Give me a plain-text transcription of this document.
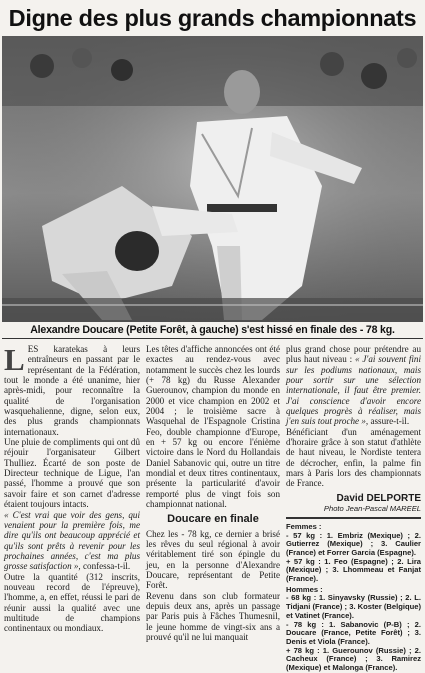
Digne des plus grands championnats
Alexandre Doucare (Petite Forêt, à gauche) s'est hissé en finale des - 78 kg.

LES karatekas à leurs entraîneurs en passant par le représentant de la Fédération, tout le monde a été unanime, hier après-midi, pour reconnaître la qualité de l'organisation wasquehalienne, digne, selon eux, des plus grands championnats internationaux.

Une pluie de compliments qui ont dû réjouir l'organisateur Gilbert Thulliez. Écarté de son poste de Directeur technique de Ligue, l'an passé, l'homme a prouvé que son savoir faire et son carnet d'adresse étaient toujours intacts.

« C'est vrai que voir des gens, qui venaient pour la première fois, me dire qu'ils ont beaucoup apprécié et qu'ils sont prêts à revenir pour les prochaines années, c'est ma plus grosse satisfaction », confessa-t-il.

Outre la quantité (312 inscrits, nouveau record de l'épreuve), l'homme, a, en effet, réussi le pari de réunir aussi la qualité avec une multitude de champions continentaux ou mondiaux.

Les têtes d'affiche annoncées ont été exactes au rendez-vous avec notamment le succès chez les lourds (+ 78 kg) du Russe Alexander Guerounov, champion du monde en 2000 et vice champion en 2002 et 2004 ; le troisième sacre à Wasquehal de l'Espagnole Cristina Feo, double championne d'Europe, en + 57 kg ou encore l'énième victoire dans le Nord du Hollandais Daniel Sabanovic qui, outre un titre mondial et deux titres continentaux, présente la particularité d'avoir remporté plus de vingt fois son championnat national.

Doucare en finale

Chez les - 78 kg, ce dernier a brisé les rêves du seul régional à avoir véritablement tiré son épingle du jeu, en la personne d'Alexandre Doucare, représentant de Petite Forêt.

Revenu dans son club formateur depuis deux ans, après un passage par Paris puis à Fâches Thumesnil, le jeune homme de vingt-six ans a prouvé qu'il ne lui manquait

plus grand chose pour prétendre au plus haut niveau : « J'ai souvent fini sur les podiums nationaux, mais pour sortir sur une sélection internationale, il faut être premier. J'ai conscience d'avoir encore quelques progrès à réaliser, mais j'en suis tout proche », assure-t-il.

Bénéficiant d'un aménagement d'horaire grâce à son statut d'athlète de haut niveau, le Nordiste tentera de décrocher, enfin, la palme fin mars à Paris lors des championnats de France.

David DELPORTE
Photo Jean-Pascal MAREEL
Femmes :
- 57 kg : 1. Embriz (Mexique) ; 2. Gutierrez (Mexique) ; 3. Caulier (France) et Forrer Garcia (Espagne).
+ 57 kg : 1. Feo (Espagne) ; 2. Lira (Mexique) ; 3. Lhommeau et Fanjat (France).
Hommes :
- 68 kg : 1. Sinyavsky (Russie) ; 2. L. Tidjani (France) ; 3. Koster (Belgique) et Vatinet (France).
- 78 kg : 1. Sabanovic (P-B) ; 2. Doucare (France, Petite Forêt) ; 3. Denis et Viola (France).
+ 78 kg : 1. Guerounov (Russie) ; 2. Cacheux (France) ; 3. Ramirez (Mexique) et Malonga (France).
